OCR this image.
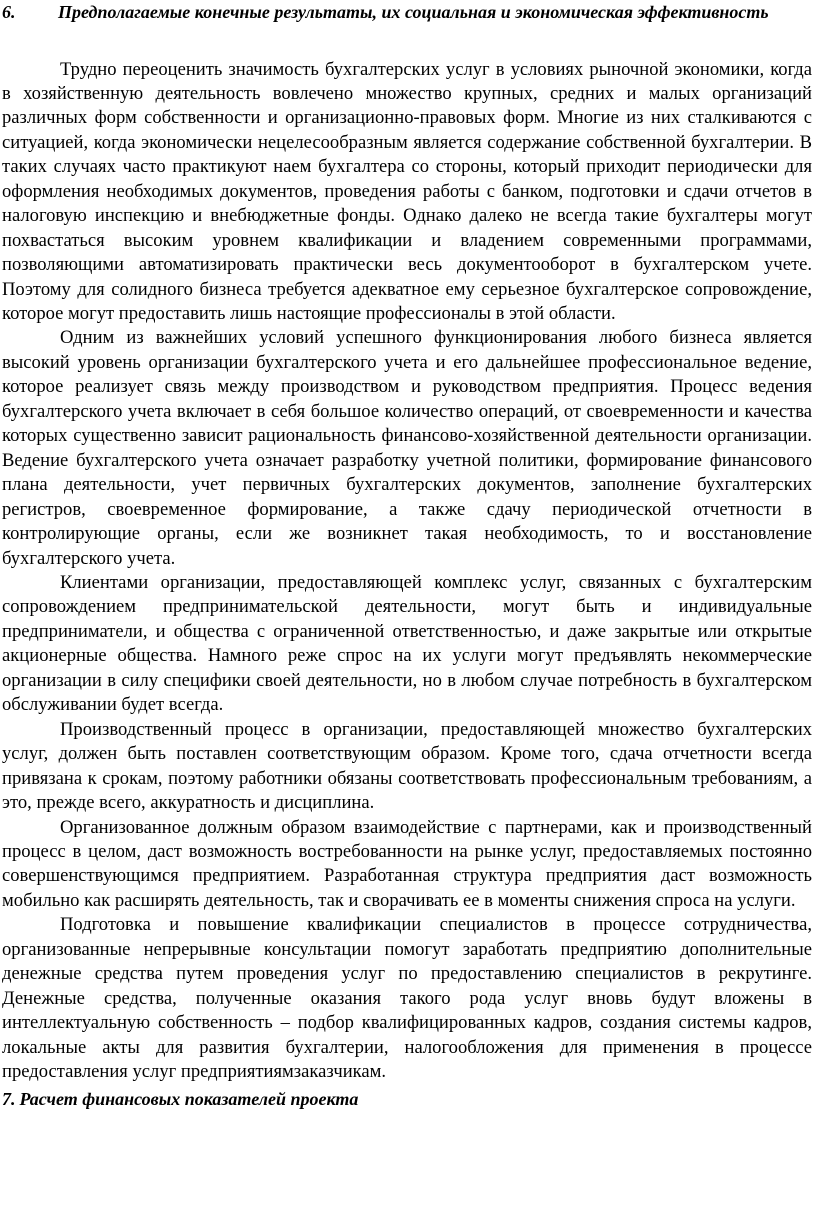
6. Предполагаемые конечные результаты, их социальная и экономическая эффективность

Трудно переоценить значимость бухгалтерских услуг в условиях рыночной экономики, когда в хозяйственную деятельность вовлечено множество крупных, средних и малых организаций различных форм собственности и организационно-правовых форм. Многие из них сталкиваются с ситуацией, когда экономически нецелесообразным является содержание собственной бухгалтерии. В таких случаях часто практикуют наем бухгалтера со стороны, который приходит периодически для оформления необходимых документов, проведения работы с банком, подготовки и сдачи отчетов в налоговую инспекцию и внебюджетные фонды. Однако далеко не всегда такие бухгалтеры могут похвастаться высоким уровнем квалификации и владением современными программами, позволяющими автоматизировать практически весь документооборот в бухгалтерском учете. Поэтому для солидного бизнеса требуется адекватное ему серьезное бухгалтерское сопровождение, которое могут предоставить лишь настоящие профессионалы в этой области.

Одним из важнейших условий успешного функционирования любого бизнеса является высокий уровень организации бухгалтерского учета и его дальнейшее профессиональное ведение, которое реализует связь между производством и руководством предприятия. Процесс ведения бухгалтерского учета включает в себя большое количество операций, от своевременности и качества которых существенно зависит рациональность финансово-хозяйственной деятельности организации. Ведение бухгалтерского учета означает разработку учетной политики, формирование финансового плана деятельности, учет первичных бухгалтерских документов, заполнение бухгалтерских регистров, своевременное формирование, а также сдачу периодической отчетности в контролирующие органы, если же возникнет такая необходимость, то и восстановление бухгалтерского учета.

Клиентами организации, предоставляющей комплекс услуг, связанных с бухгалтерским сопровождением предпринимательской деятельности, могут быть и индивидуальные предприниматели, и общества с ограниченной ответственностью, и даже закрытые или открытые акционерные общества. Намного реже спрос на их услуги могут предъявлять некоммерческие организации в силу специфики своей деятельности, но в любом случае потребность в бухгалтерском обслуживании будет всегда.

Производственный процесс в организации, предоставляющей множество бухгалтерских услуг, должен быть поставлен соответствующим образом. Кроме того, сдача отчетности всегда привязана к срокам, поэтому работники обязаны соответствовать профессиональным требованиям, а это, прежде всего, аккуратность и дисциплина.

Организованное должным образом взаимодействие с партнерами, как и производственный процесс в целом, даст возможность востребованности на рынке услуг, предоставляемых постоянно совершенствующимся предприятием. Разработанная структура предприятия даст возможность мобильно как расширять деятельность, так и сворачивать ее в моменты снижения спроса на услуги.

Подготовка и повышение квалификации специалистов в процессе сотрудничества, организованные непрерывные консультации помогут заработать предприятию дополнительные денежные средства путем проведения услуг по предоставлению специалистов в рекрутинге. Денежные средства, полученные оказания такого рода услуг вновь будут вложены в интеллектуальную собственность – подбор квалифицированных кадров, создания системы кадров, локальные акты для развития бухгалтерии, налогообложения для применения в процессе предоставления услуг предприятиямзаказчикам.

7. Расчет финансовых показателей проекта
